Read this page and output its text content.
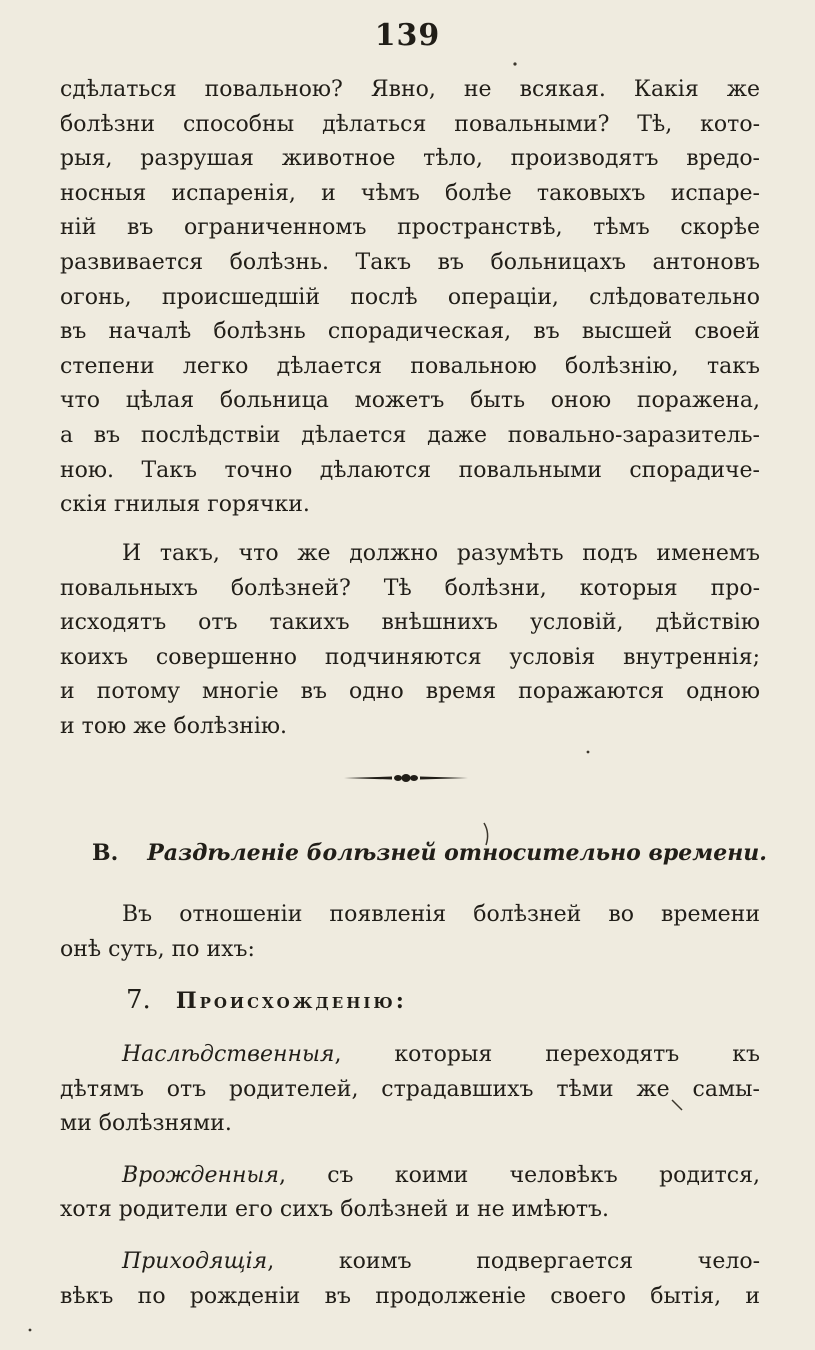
139
сдѣлаться повальною? Явно, не всякая. Какія же
болѣзни способны дѣлаться повальными? Тѣ, кото-
рыя, разрушая животное тѣло, производятъ вредо-
носныя испаренія, и чѣмъ болѣе таковыхъ испаре-
ній въ ограниченномъ пространствѣ, тѣмъ скорѣе
развивается болѣзнь. Такъ въ больницахъ антоновъ
огонь, происшедшій послѣ операціи, слѣдовательно
въ началѣ болѣзнь спорадическая, въ высшей своей
степени легко дѣлается повальною болѣзнію, такъ
что цѣлая больница можетъ быть оною поражена,
а въ послѣдствіи дѣлается даже повально-заразитель-
ною. Такъ точно дѣлаются повальными спорадиче-
скія гнилыя горячки.
И такъ, что же должно разумѣть подъ именемъ
повальныхъ болѣзней? Тѣ болѣзни, которыя про-
исходятъ отъ такихъ внѣшнихъ условій, дѣйствію
коихъ совершенно подчиняются условія внутреннія;
и потому многіе въ одно время поражаются одною
и тою же болѣзнію.
B. Раздѣленіе болѣзней относительно времени.
Въ отношеніи появленія болѣзней во времени
онѣ суть, по ихъ:
7. Происхожденію:
Наслѣдственныя, которыя переходятъ къ
дѣтямъ отъ родителей, страдавшихъ тѣми же самы-
ми болѣзнями.
Врожденныя, съ коими человѣкъ родится,
хотя родители его сихъ болѣзней и не имѣютъ.
Приходящія, коимъ подвергается чело-
вѣкъ по рожденіи въ продолженіе своего бытія, и
